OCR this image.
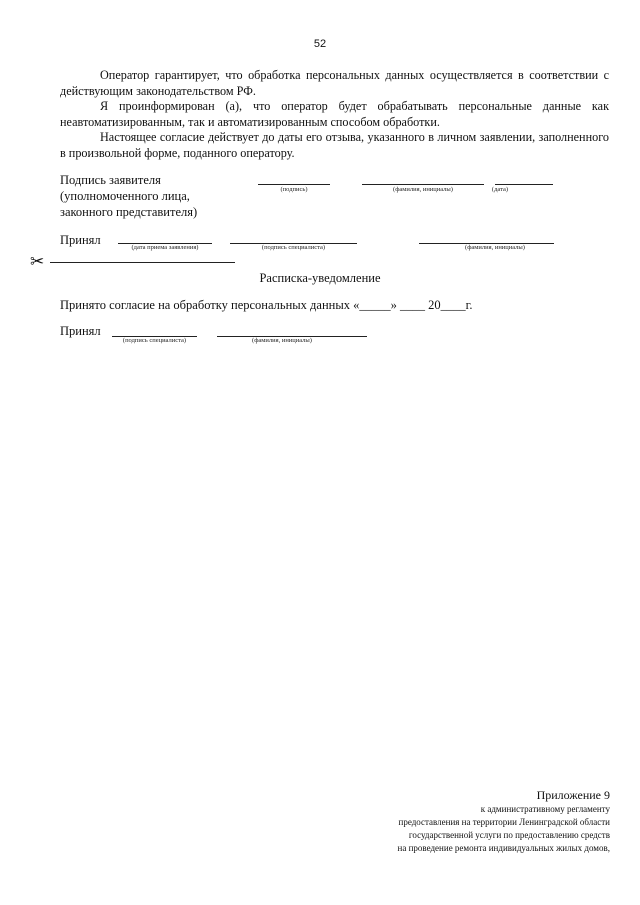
52
Оператор гарантирует, что обработка персональных данных осуществляется в соответствии с действующим законодательством РФ.
Я проинформирован (а), что оператор будет обрабатывать персональные данные как неавтоматизированным, так и автоматизированным способом обработки.
Настоящее согласие действует до даты его отзыва, указанного в личном заявлении, заполненного в произвольной форме, поданного оператору.
Подпись заявителя
(уполномоченного лица,
законного представителя)
(подпись)	(фамилия, инициалы)	(дата)
Принял
(дата приема заявления)	(подпись специалиста)	(фамилия, инициалы)
✂
Расписка-уведомление
Принято согласие на обработку персональных данных «_____» ____ 20____г.
Принял
(подпись специалиста)	(фамилия, инициалы)
Приложение 9
к административному регламенту
предоставления на территории Ленинградской области
государственной услуги по предоставлению средств
на проведение ремонта индивидуальных жилых домов,
